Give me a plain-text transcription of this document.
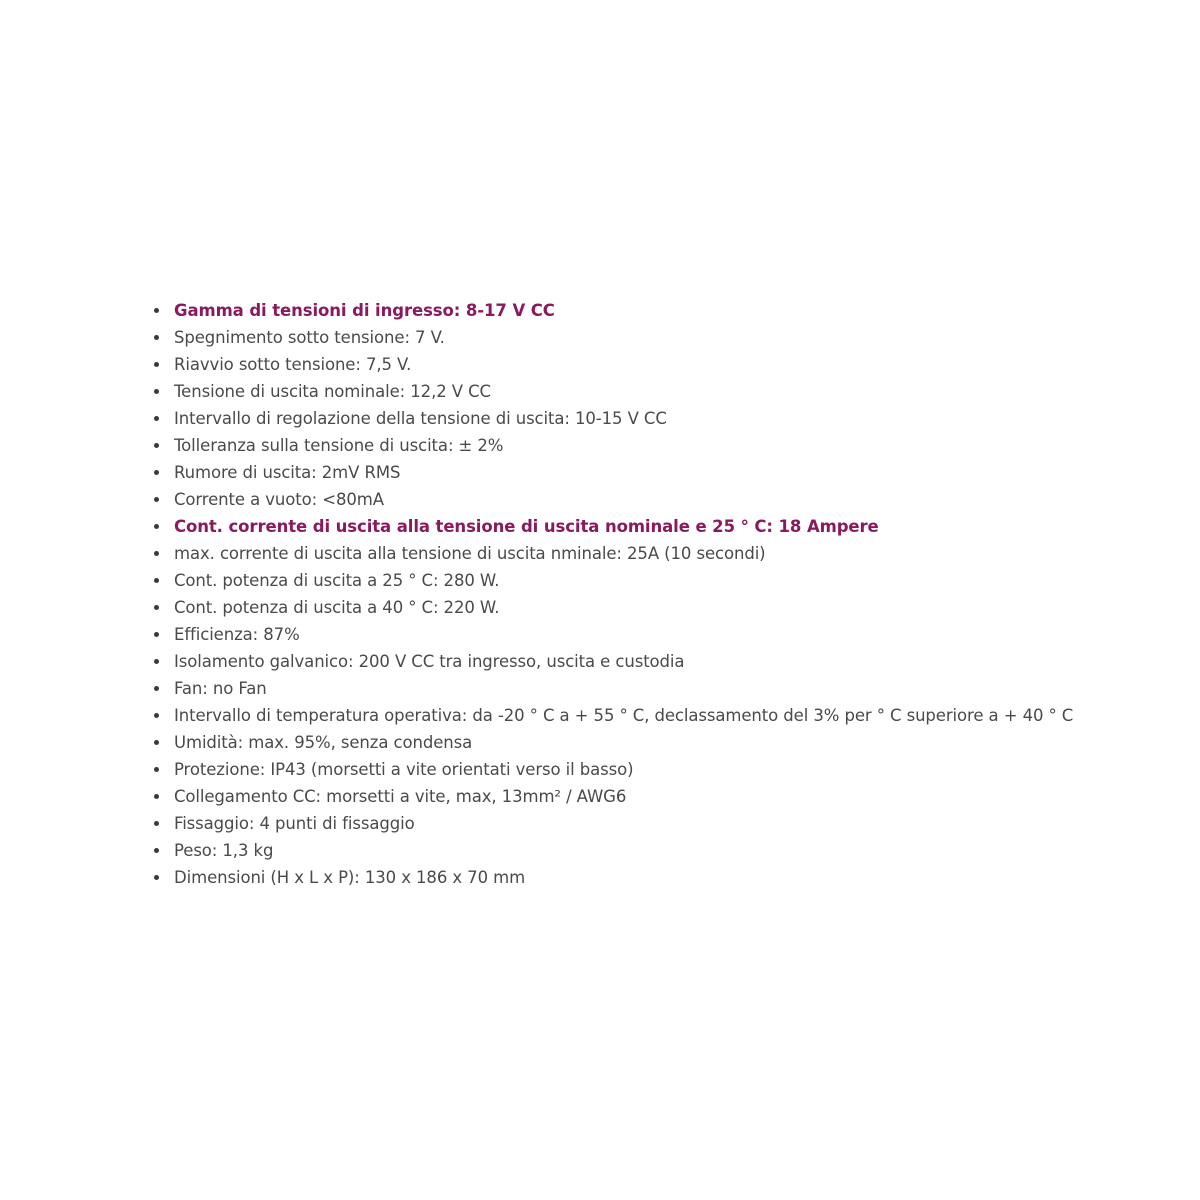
Gamma di tensioni di ingresso: 8-17 V CC
Spegnimento sotto tensione: 7 V.
Riavvio sotto tensione: 7,5 V.
Tensione di uscita nominale: 12,2 V CC
Intervallo di regolazione della tensione di uscita: 10-15 V CC
Tolleranza sulla tensione di uscita: ± 2%
Rumore di uscita: 2mV RMS
Corrente a vuoto: <80mA
Cont. corrente di uscita alla tensione di uscita nominale e 25 ° C: 18 Ampere
max. corrente di uscita alla tensione di uscita nminale: 25A (10 secondi)
Cont. potenza di uscita a 25 ° C: 280 W.
Cont. potenza di uscita a 40 ° C: 220 W.
Efficienza: 87%
Isolamento galvanico: 200 V CC tra ingresso, uscita e custodia
Fan: no Fan
Intervallo di temperatura operativa: da -20 ° C a + 55 ° C, declassamento del 3% per ° C superiore a + 40 ° C
Umidità: max. 95%, senza condensa
Protezione: IP43 (morsetti a vite orientati verso il basso)
Collegamento CC: morsetti a vite, max, 13mm² / AWG6
Fissaggio: 4 punti di fissaggio
Peso: 1,3 kg
Dimensioni (H x L x P): 130 x 186 x 70 mm
